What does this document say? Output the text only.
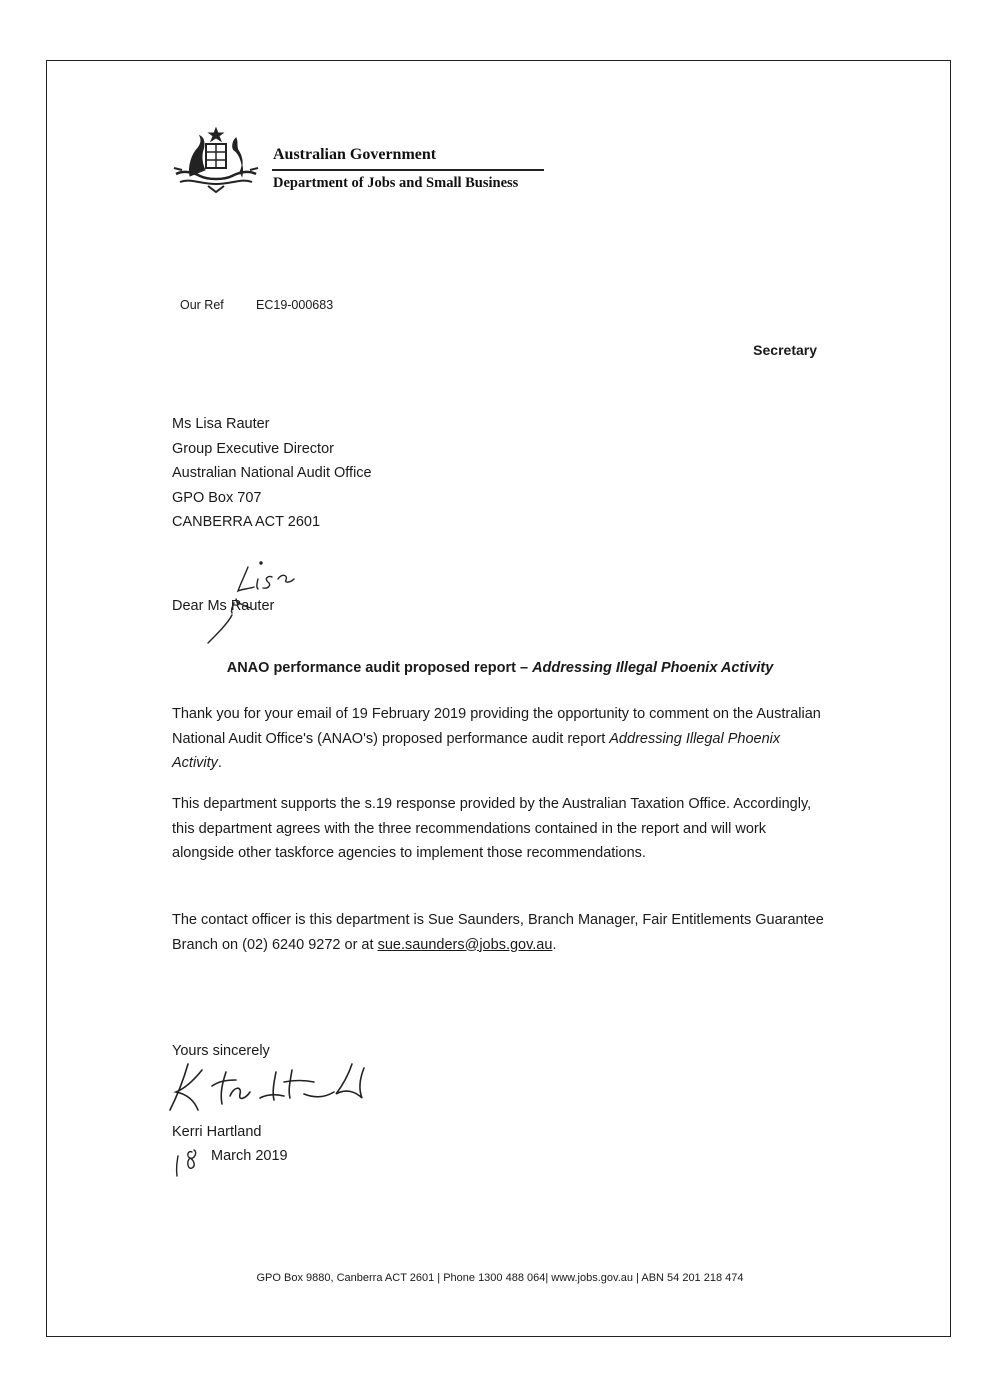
Australian Government
Department of Jobs and Small Business
Our Ref	EC19-000683
Secretary
Ms Lisa Rauter
Group Executive Director
Australian National Audit Office
GPO Box 707
CANBERRA ACT 2601
Dear Ms Rauter
ANAO performance audit proposed report – Addressing Illegal Phoenix Activity
Thank you for your email of 19 February 2019 providing the opportunity to comment on the Australian National Audit Office's (ANAO's) proposed performance audit report Addressing Illegal Phoenix Activity.
This department supports the s.19 response provided by the Australian Taxation Office. Accordingly, this department agrees with the three recommendations contained in the report and will work alongside other taskforce agencies to implement those recommendations.
The contact officer is this department is Sue Saunders, Branch Manager, Fair Entitlements Guarantee Branch on (02) 6240 9272 or at sue.saunders@jobs.gov.au.
Yours sincerely
Kerri Hartland
March 2019
GPO Box 9880, Canberra ACT 2601 | Phone 1300 488 064| www.jobs.gov.au | ABN 54 201 218 474
